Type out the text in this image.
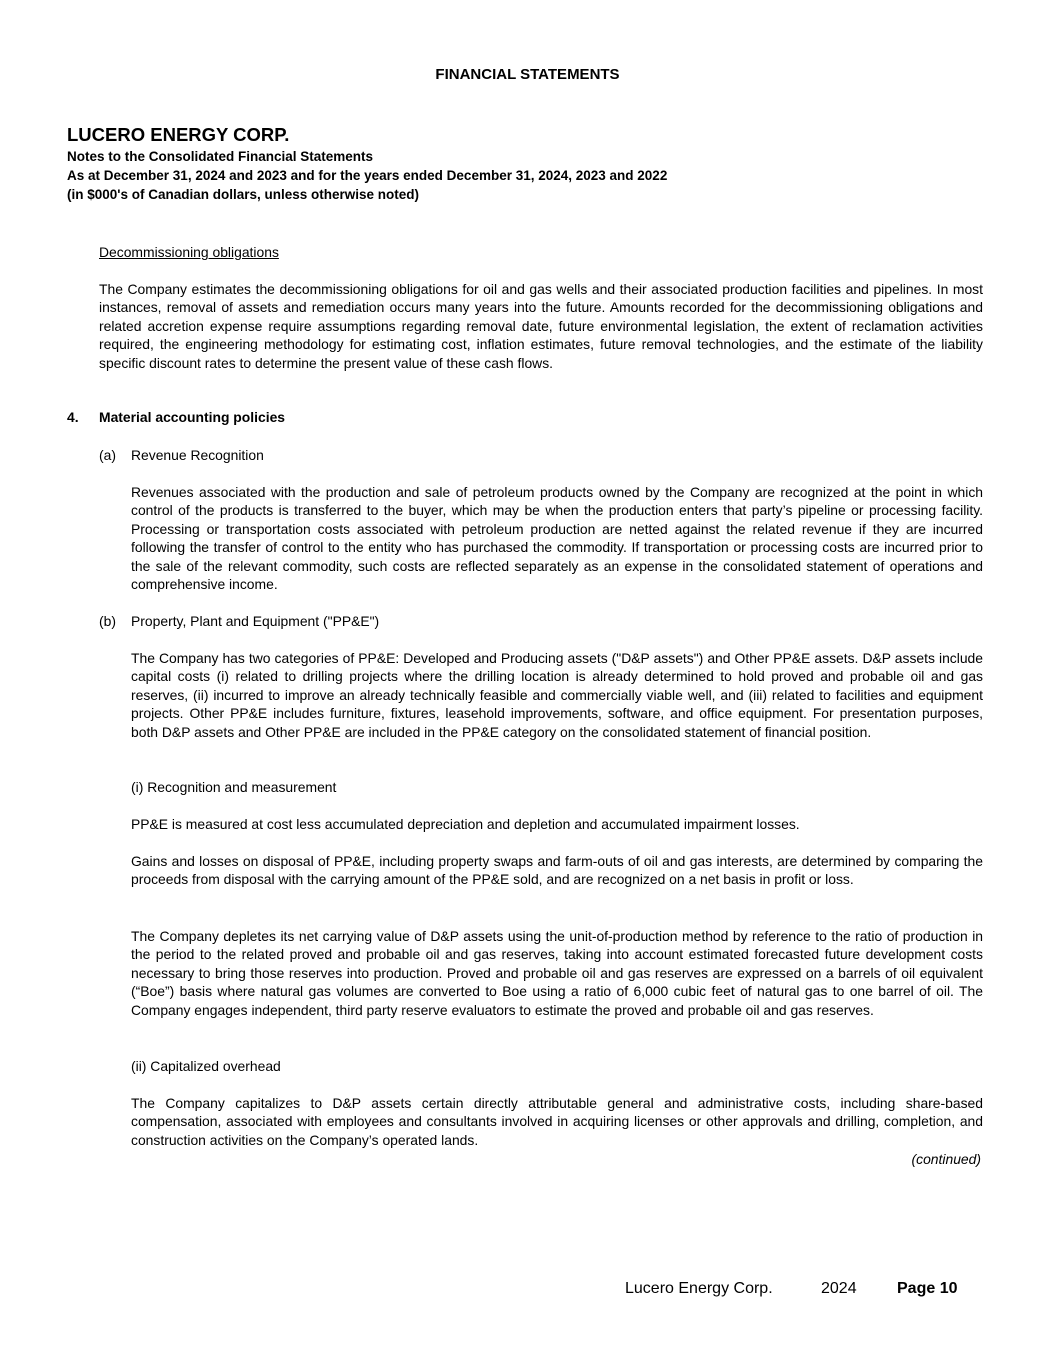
FINANCIAL STATEMENTS
LUCERO ENERGY CORP.
Notes to the Consolidated Financial Statements
As at December 31, 2024 and 2023 and for the years ended December 31, 2024, 2023 and 2022
(in $000's of Canadian dollars, unless otherwise noted)
Decommissioning obligations

The Company estimates the decommissioning obligations for oil and gas wells and their associated production facilities and pipelines. In most instances, removal of assets and remediation occurs many years into the future. Amounts recorded for the decommissioning obligations and related accretion expense require assumptions regarding removal date, future environmental legislation, the extent of reclamation activities required, the engineering methodology for estimating cost, inflation estimates, future removal technologies, and the estimate of the liability specific discount rates to determine the present value of these cash flows.

4. Material accounting policies
(a) Revenue Recognition

Revenues associated with the production and sale of petroleum products owned by the Company are recognized at the point in which control of the products is transferred to the buyer, which may be when the production enters that party’s pipeline or processing facility. Processing or transportation costs associated with petroleum production are netted against the related revenue if they are incurred following the transfer of control to the entity who has purchased the commodity. If transportation or processing costs are incurred prior to the sale of the relevant commodity, such costs are reflected separately as an expense in the consolidated statement of operations and comprehensive income.

(b) Property, Plant and Equipment ("PP&E")

The Company has two categories of PP&E: Developed and Producing assets ("D&P assets") and Other PP&E assets. D&P assets include capital costs (i) related to drilling projects where the drilling location is already determined to hold proved and probable oil and gas reserves, (ii) incurred to improve an already technically feasible and commercially viable well, and (iii) related to facilities and equipment projects. Other PP&E includes furniture, fixtures, leasehold improvements, software, and office equipment. For presentation purposes, both D&P assets and Other PP&E are included in the PP&E category on the consolidated statement of financial position.

(i) Recognition and measurement

PP&E is measured at cost less accumulated depreciation and depletion and accumulated impairment losses.

Gains and losses on disposal of PP&E, including property swaps and farm-outs of oil and gas interests, are determined by comparing the proceeds from disposal with the carrying amount of the PP&E sold, and are recognized on a net basis in profit or loss.

The Company depletes its net carrying value of D&P assets using the unit-of-production method by reference to the ratio of production in the period to the related proved and probable oil and gas reserves, taking into account estimated forecasted future development costs necessary to bring those reserves into production. Proved and probable oil and gas reserves are expressed on a barrels of oil equivalent (“Boe”) basis where natural gas volumes are converted to Boe using a ratio of 6,000 cubic feet of natural gas to one barrel of oil. The Company engages independent, third party reserve evaluators to estimate the proved and probable oil and gas reserves.

(ii) Capitalized overhead

The Company capitalizes to D&P assets certain directly attributable general and administrative costs, including share-based compensation, associated with employees and consultants involved in acquiring licenses or other approvals and drilling, completion, and construction activities on the Company’s operated lands.

(continued)
Lucero Energy Corp.	2024	Page 10
